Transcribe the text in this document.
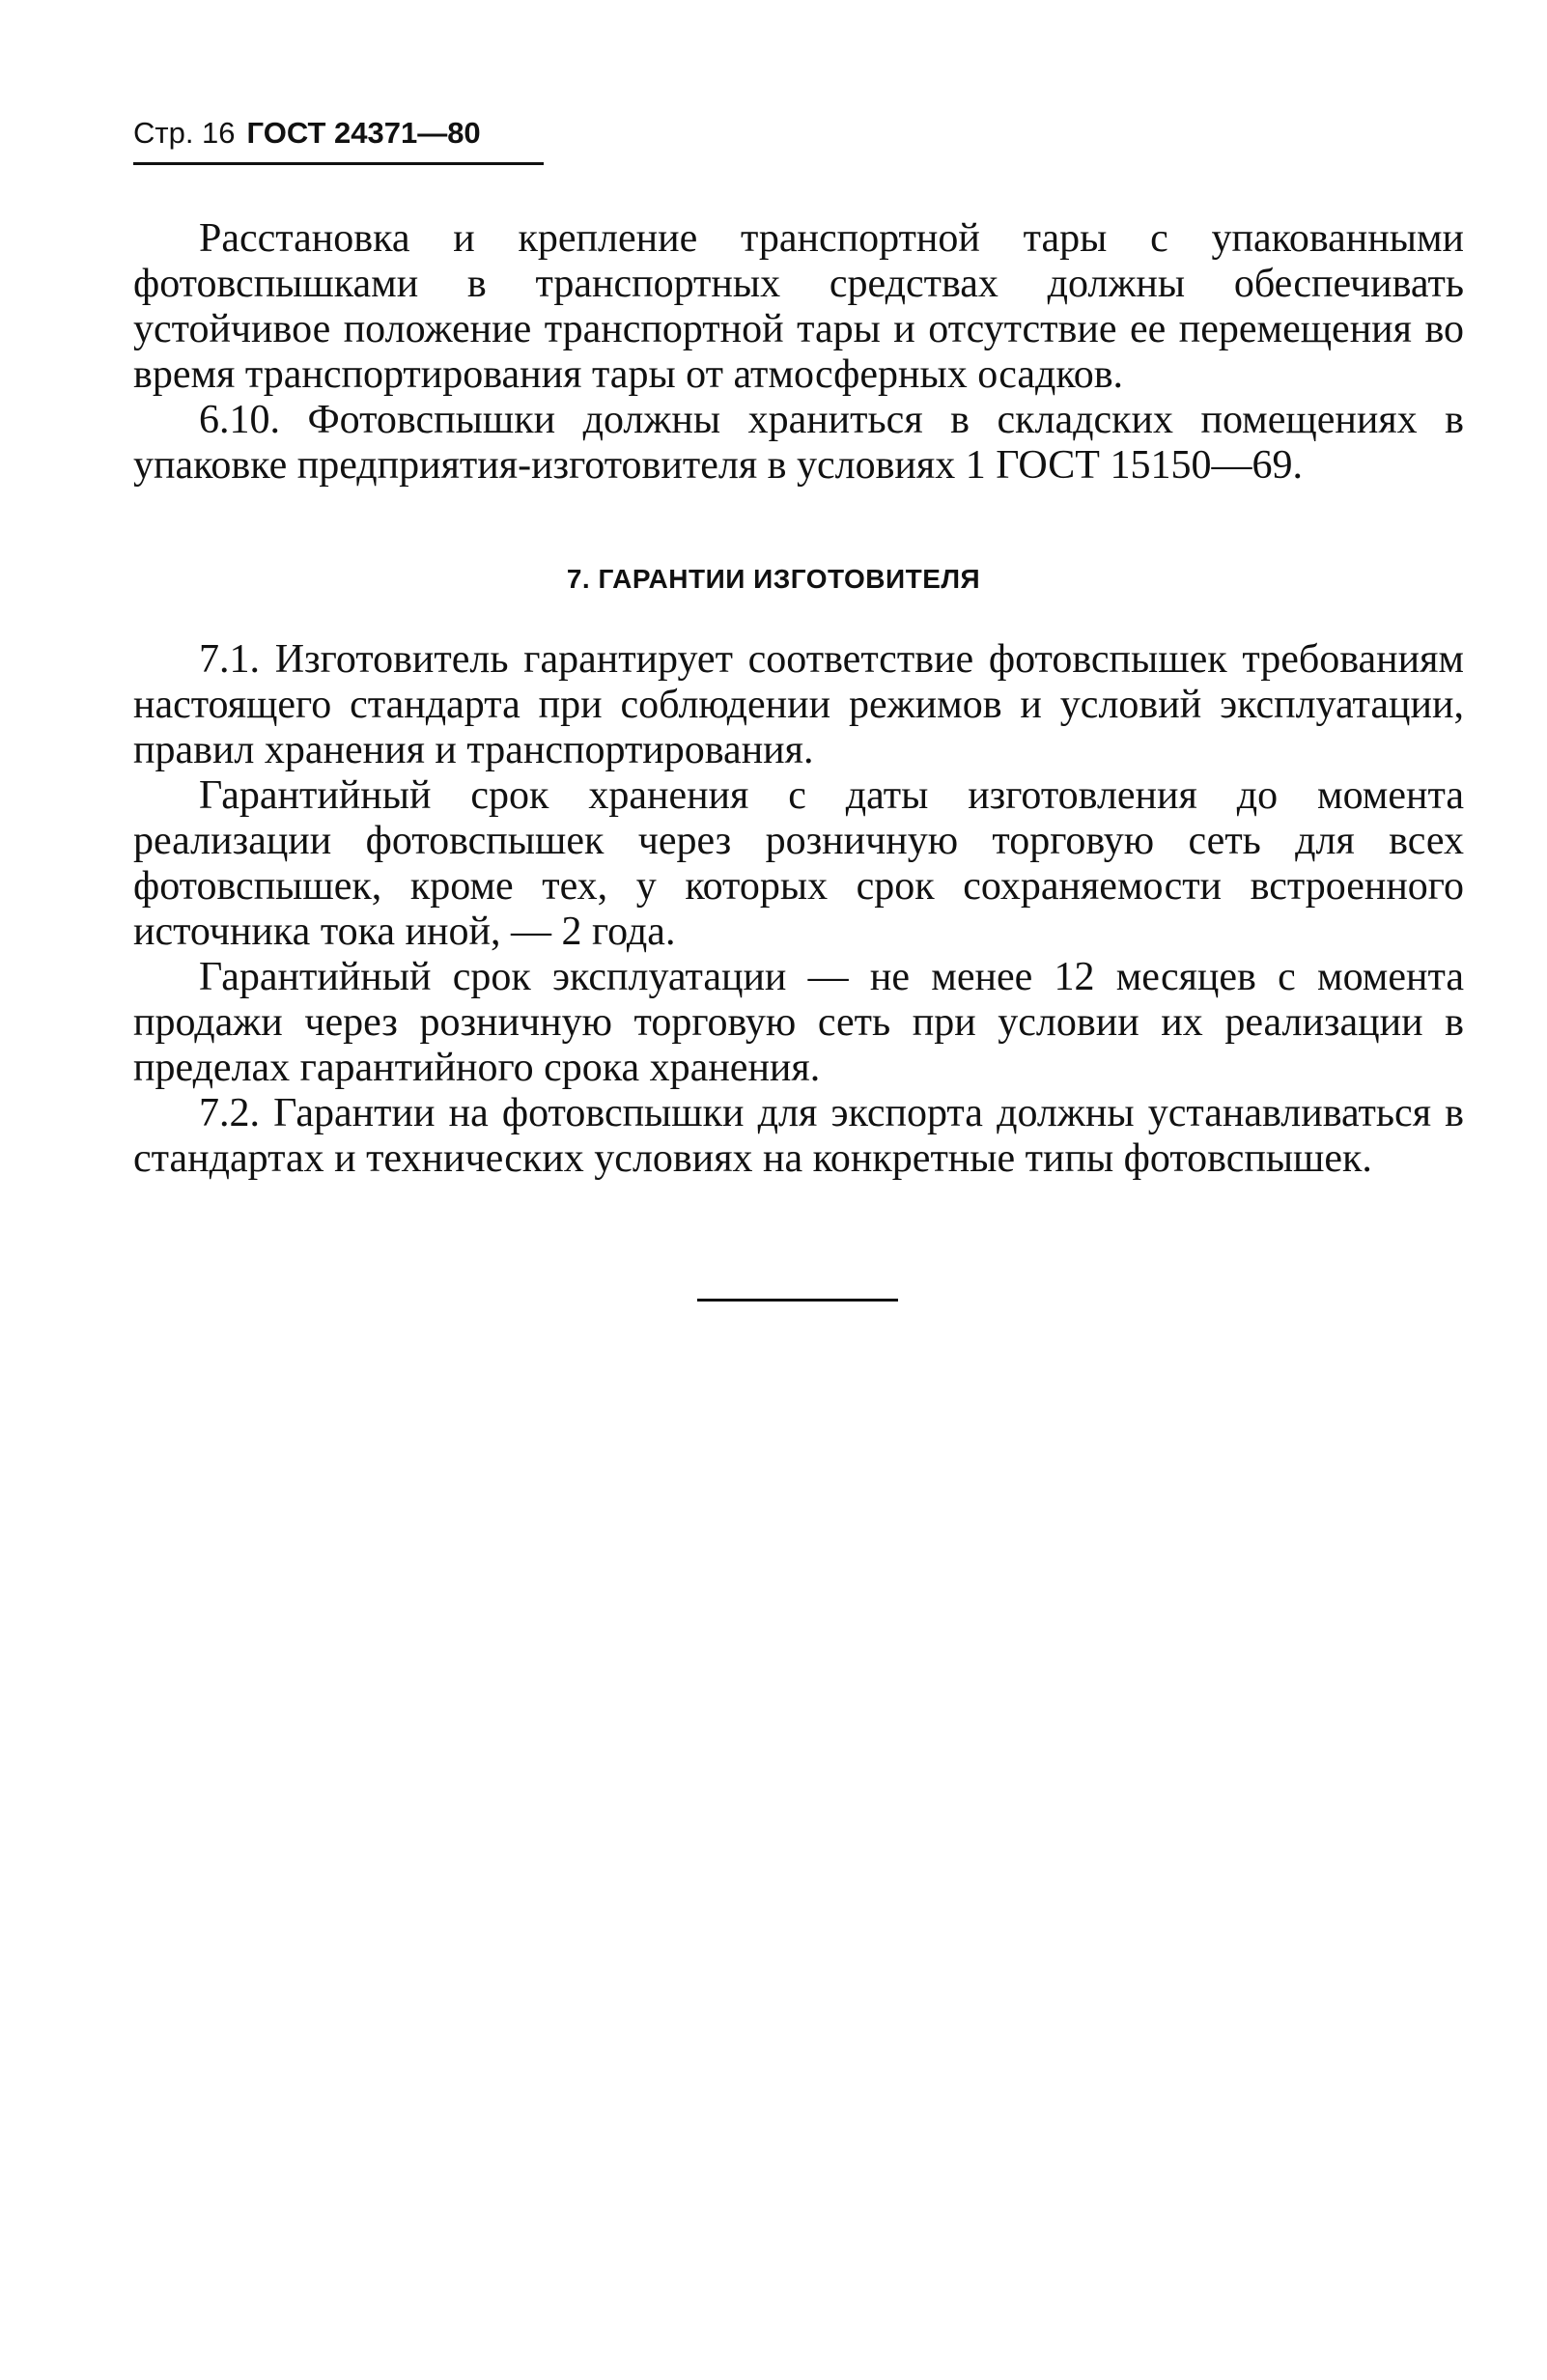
Стр. 16 ГОСТ 24371—80

Расстановка и крепление транспортной тары с упакованными фотовспышками в транспортных средствах должны обеспечивать устойчивое положение транспортной тары и отсутствие ее перемещения во время транспортирования тары от атмосферных осадков.

6.10. Фотовспышки должны храниться в складских помещениях в упаковке предприятия-изготовителя в условиях 1 ГОСТ 15150—69.

7. ГАРАНТИИ ИЗГОТОВИТЕЛЯ

7.1. Изготовитель гарантирует соответствие фотовспышек требованиям настоящего стандарта при соблюдении режимов и условий эксплуатации, правил хранения и транспортирования.

Гарантийный срок хранения с даты изготовления до момента реализации фотовспышек через розничную торговую сеть для всех фотовспышек, кроме тех, у которых срок сохраняемости встроенного источника тока иной, — 2 года.

Гарантийный срок эксплуатации — не менее 12 месяцев с момента продажи через розничную торговую сеть при условии их реализации в пределах гарантийного срока хранения.

7.2. Гарантии на фотовспышки для экспорта должны устанавливаться в стандартах и технических условиях на конкретные типы фотовспышек.
